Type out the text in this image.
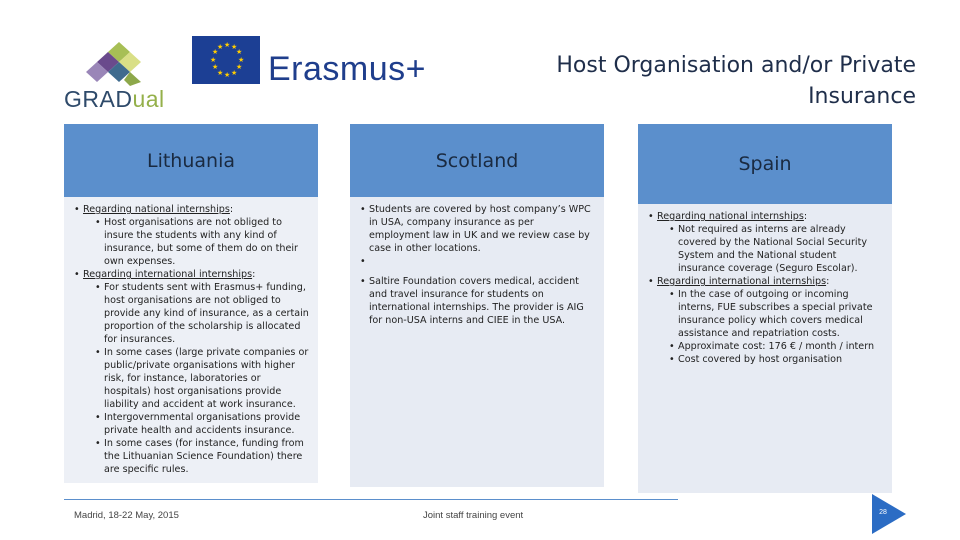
GRADual
★ ★
★
★
★
★
★
★
★
★
★
★
Erasmus+	Host Organisation and/or Private Insurance
Lithuania
• Regarding national internships:
• Host organisations are not obliged to insure the students with any kind of insurance, but some of them do on their own expenses.
• Regarding international internships:
• For students sent with Erasmus+ funding, host organisations are not obliged to provide any kind of insurance, as a certain proportion of the scholarship is allocated for insurances.
• In some cases (large private companies or public/private organisations with higher risk, for instance, laboratories or hospitals) host organisations provide liability and accident at work insurance.
• Intergovernmental organisations provide private health and accidents insurance.
• In some cases (for instance, funding from the Lithuanian Science Foundation) there are specific rules.
Scotland
• Students are covered by host company’s WPC in USA, company insurance as per employment law in UK and we review case by case in other locations.
•
• Saltire Foundation covers medical, accident and travel insurance for students on international internships. The provider is AIG for non-USA interns and CIEE in the USA.
Spain
• Regarding national internships:
• Not required as interns are already covered by the National Social Security System and the National student insurance coverage (Seguro Escolar).
• Regarding international internships:
• In the case of outgoing or incoming interns, FUE subscribes a special private insurance policy which covers medical assistance and repatriation costs.
• Approximate cost: 176 € / month / intern
• Cost covered by host organisation
Madrid, 18-22 May, 2015	Joint staff training event	28
